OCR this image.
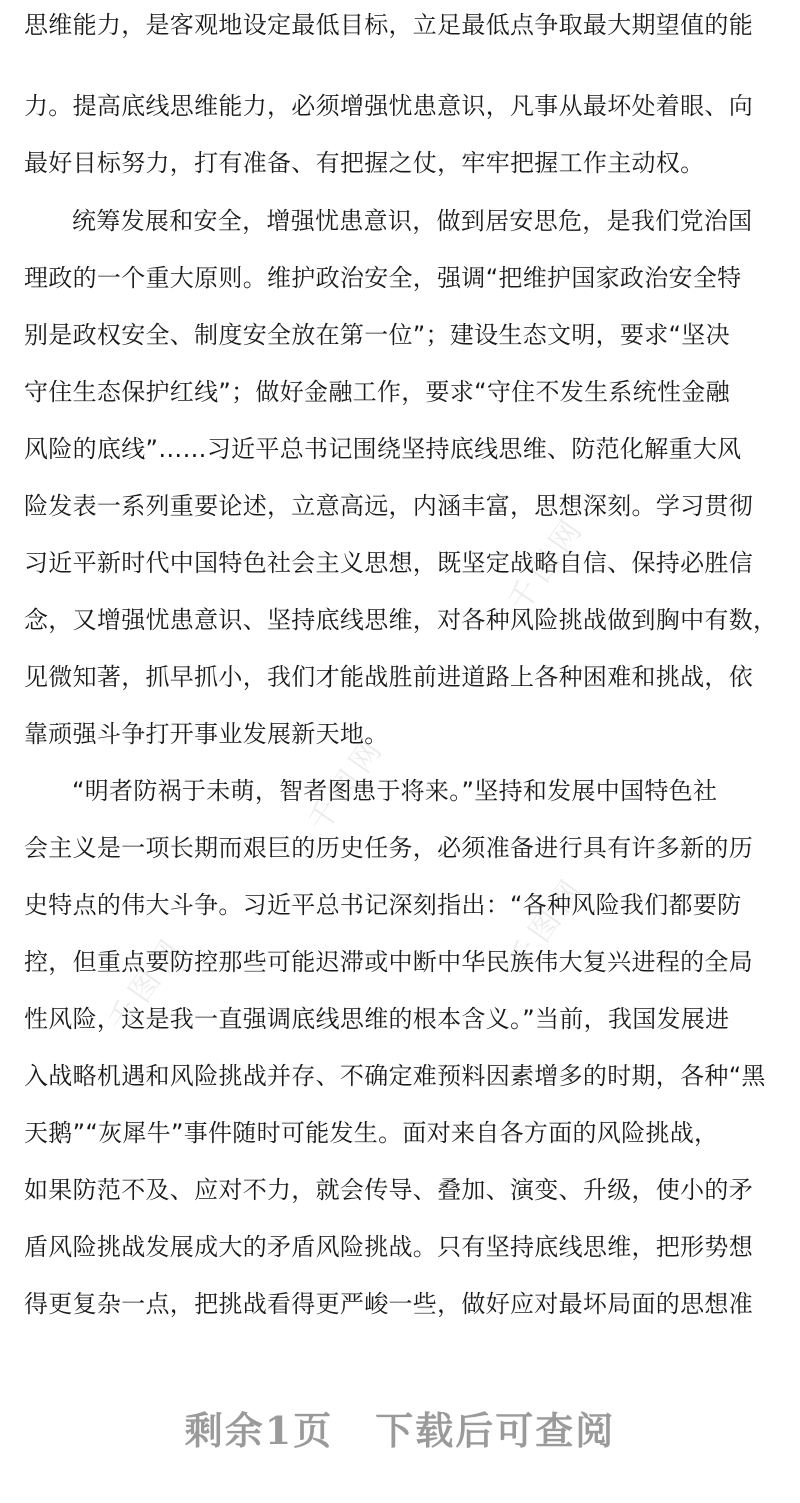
千图网
千图网
千图网
千图网
思维能力，是客观地设定最低目标，立足最低点争取最大期望值的能
力。提高底线思维能力，必须增强忧患意识，凡事从最坏处着眼、向
最好目标努力，打有准备、有把握之仗，牢牢把握工作主动权。
统筹发展和安全，增强忧患意识，做到居安思危，是我们党治国
理政的一个重大原则。维护政治安全，强调“把维护国家政治安全特
别是政权安全、制度安全放在第一位”；建设生态文明，要求“坚决
守住生态保护红线”；做好金融工作，要求“守住不发生系统性金融
风险的底线”……习近平总书记围绕坚持底线思维、防范化解重大风
险发表一系列重要论述，立意高远，内涵丰富，思想深刻。学习贯彻
习近平新时代中国特色社会主义思想，既坚定战略自信、保持必胜信
念，又增强忧患意识、坚持底线思维，对各种风险挑战做到胸中有数，
见微知著，抓早抓小，我们才能战胜前进道路上各种困难和挑战，依
靠顽强斗争打开事业发展新天地。
“明者防祸于未萌，智者图患于将来。”坚持和发展中国特色社
会主义是一项长期而艰巨的历史任务，必须准备进行具有许多新的历
史特点的伟大斗争。习近平总书记深刻指出：“各种风险我们都要防
控，但重点要防控那些可能迟滞或中断中华民族伟大复兴进程的全局
性风险，这是我一直强调底线思维的根本含义。”当前，我国发展进
入战略机遇和风险挑战并存、不确定难预料因素增多的时期，各种“黑
天鹅”“灰犀牛”事件随时可能发生。面对来自各方面的风险挑战，
如果防范不及、应对不力，就会传导、叠加、演变、升级，使小的矛
盾风险挑战发展成大的矛盾风险挑战。只有坚持底线思维，把形势想
得更复杂一点，把挑战看得更严峻一些，做好应对最坏局面的思想准
剩余1页 下载后可查阅
